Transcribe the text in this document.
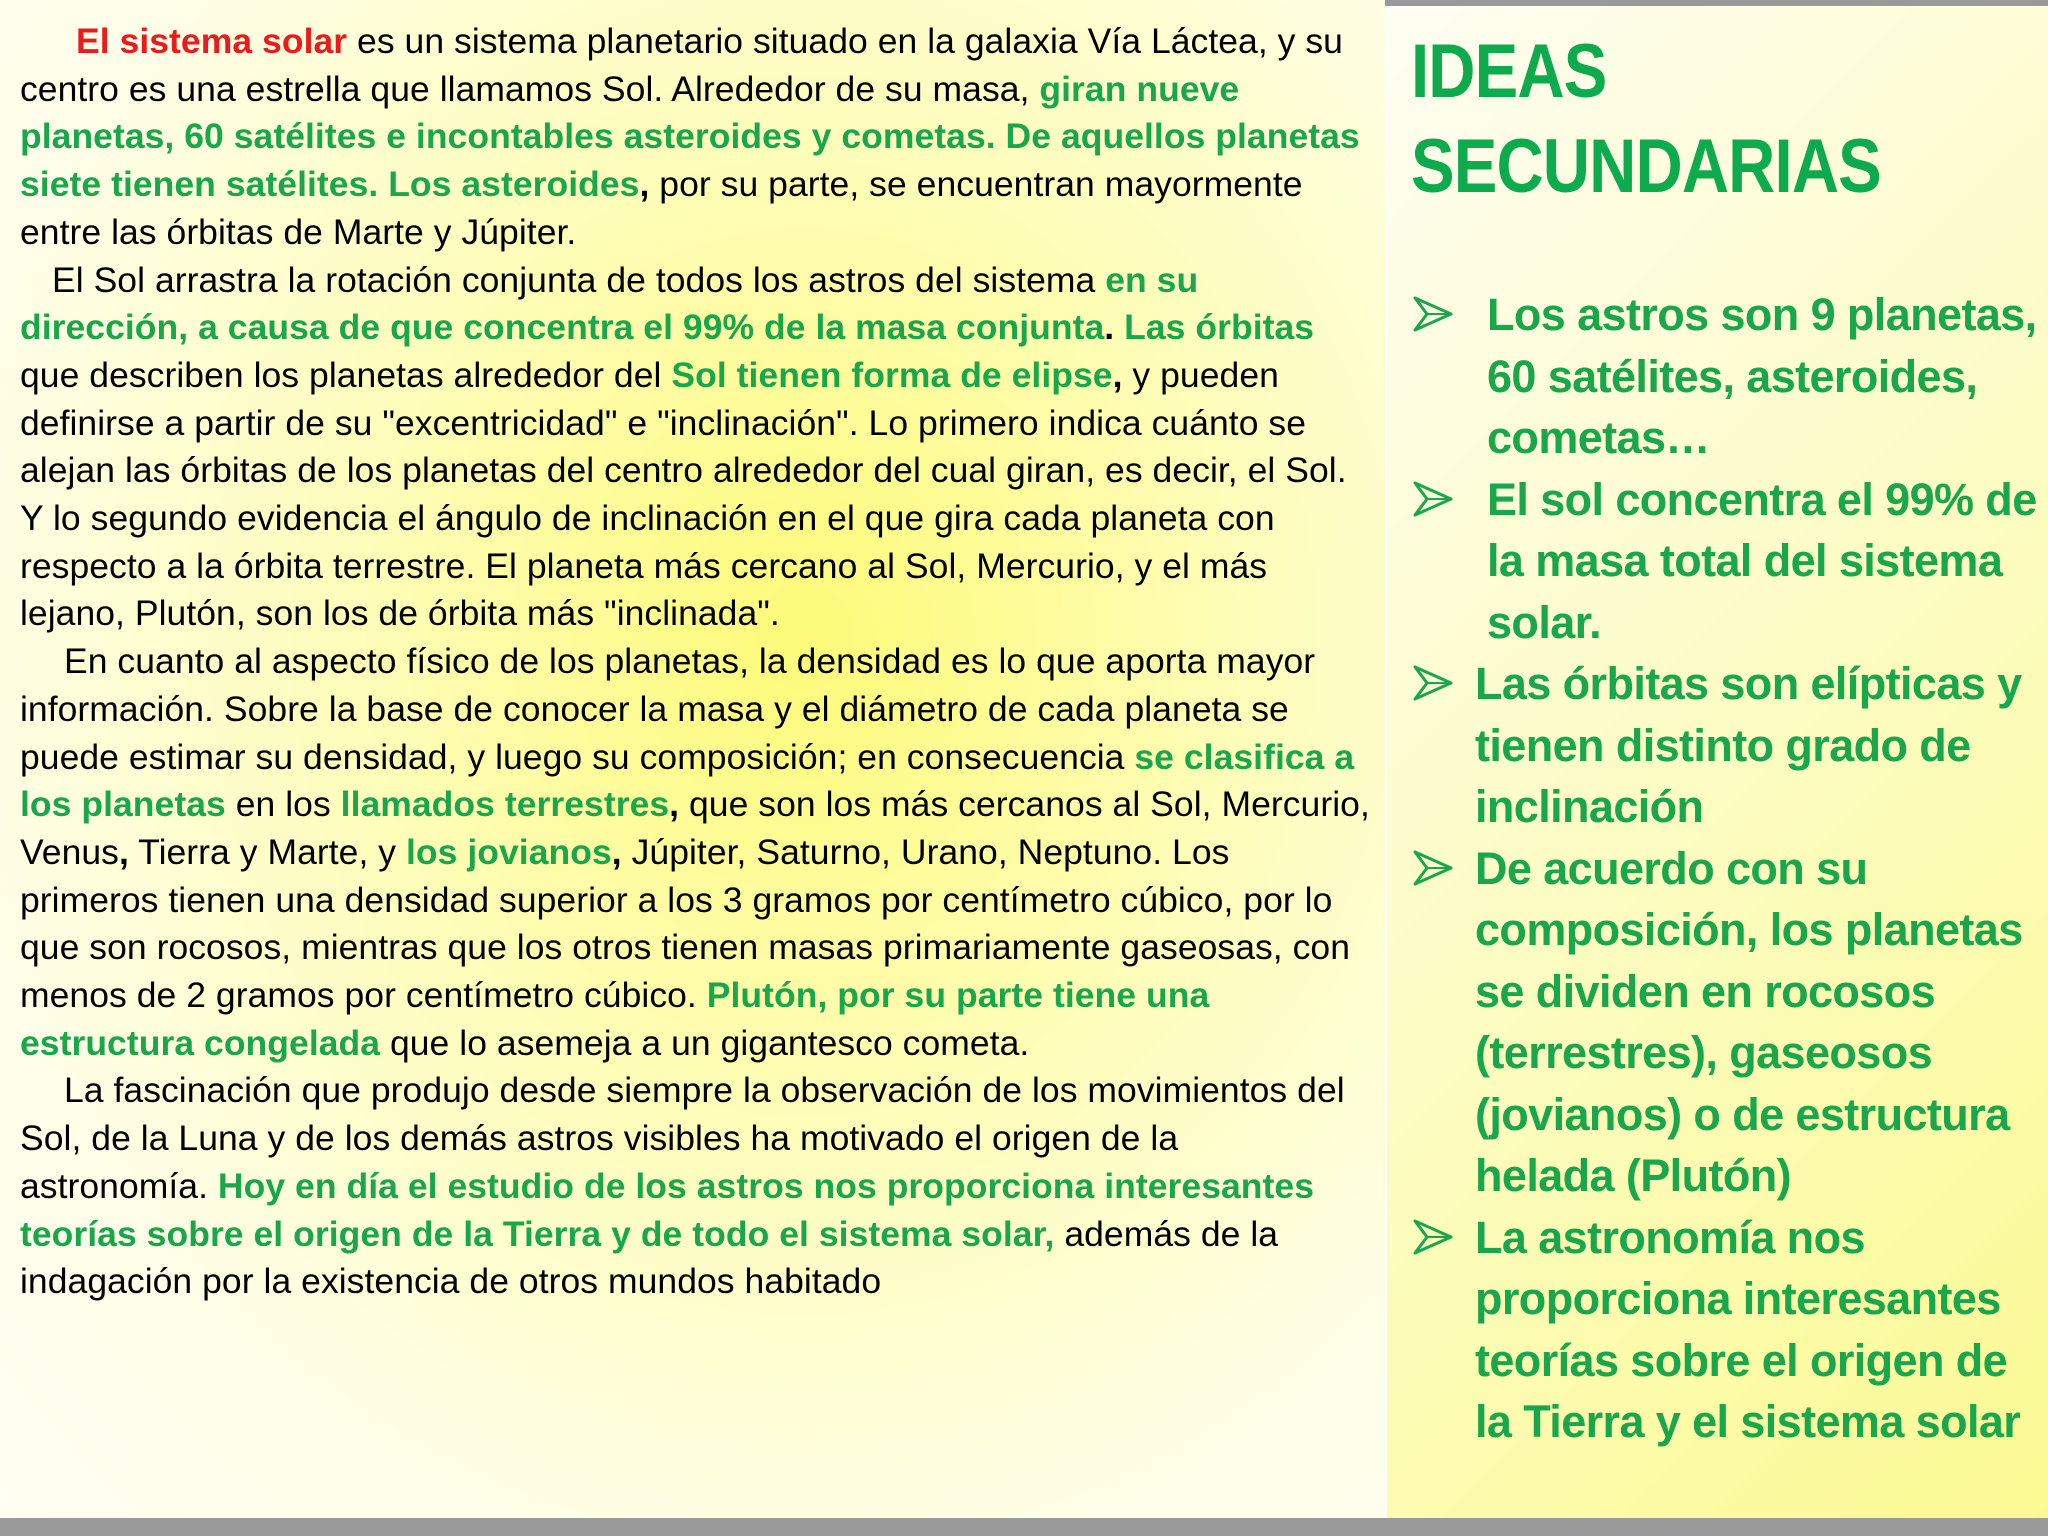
El sistema solar es un sistema planetario situado en la galaxia Vía Láctea, y su centro es una estrella que llamamos Sol. Alrededor de su masa, giran nueve planetas, 60 satélites e incontables asteroides y cometas. De aquellos planetas siete tienen satélites. Los asteroides, por su parte, se encuentran mayormente entre las órbitas de Marte y Júpiter.

El Sol arrastra la rotación conjunta de todos los astros del sistema en su dirección, a causa de que concentra el 99% de la masa conjunta. Las órbitas que describen los planetas alrededor del Sol tienen forma de elipse, y pueden definirse a partir de su "excentricidad" e "inclinación". Lo primero indica cuánto se alejan las órbitas de los planetas del centro alrededor del cual giran, es decir, el Sol. Y lo segundo evidencia el ángulo de inclinación en el que gira cada planeta con respecto a la órbita terrestre. El planeta más cercano al Sol, Mercurio, y el más lejano, Plutón, son los de órbita más "inclinada".

En cuanto al aspecto físico de los planetas, la densidad es lo que aporta mayor información. Sobre la base de conocer la masa y el diámetro de cada planeta se puede estimar su densidad, y luego su composición; en consecuencia se clasifica a los planetas en los llamados terrestres, que son los más cercanos al Sol, Mercurio, Venus, Tierra y Marte, y los jovianos, Júpiter, Saturno, Urano, Neptuno. Los primeros tienen una densidad superior a los 3 gramos por centímetro cúbico, por lo que son rocosos, mientras que los otros tienen masas primariamente gaseosas, con menos de 2 gramos por centímetro cúbico. Plutón, por su parte tiene una estructura congelada que lo asemeja a un gigantesco cometa.

La fascinación que produjo desde siempre la observación de los movimientos del Sol, de la Luna y de los demás astros visibles ha motivado el origen de la astronomía. Hoy en día el estudio de los astros nos proporciona interesantes teorías sobre el origen de la Tierra y de todo el sistema solar, además de la indagación por la existencia de otros mundos habitado

IDEAS
SECUNDARIAS
Los astros son 9 planetas, 60 satélites, asteroides, cometas…
El sol concentra el 99% de la masa total del sistema solar.
Las órbitas son elípticas y tienen distinto grado de inclinación
De acuerdo con su composición, los planetas se dividen en rocosos (terrestres), gaseosos (jovianos) o de estructura helada (Plutón)
La astronomía nos proporciona interesantes teorías sobre el origen de la Tierra y el sistema solar
